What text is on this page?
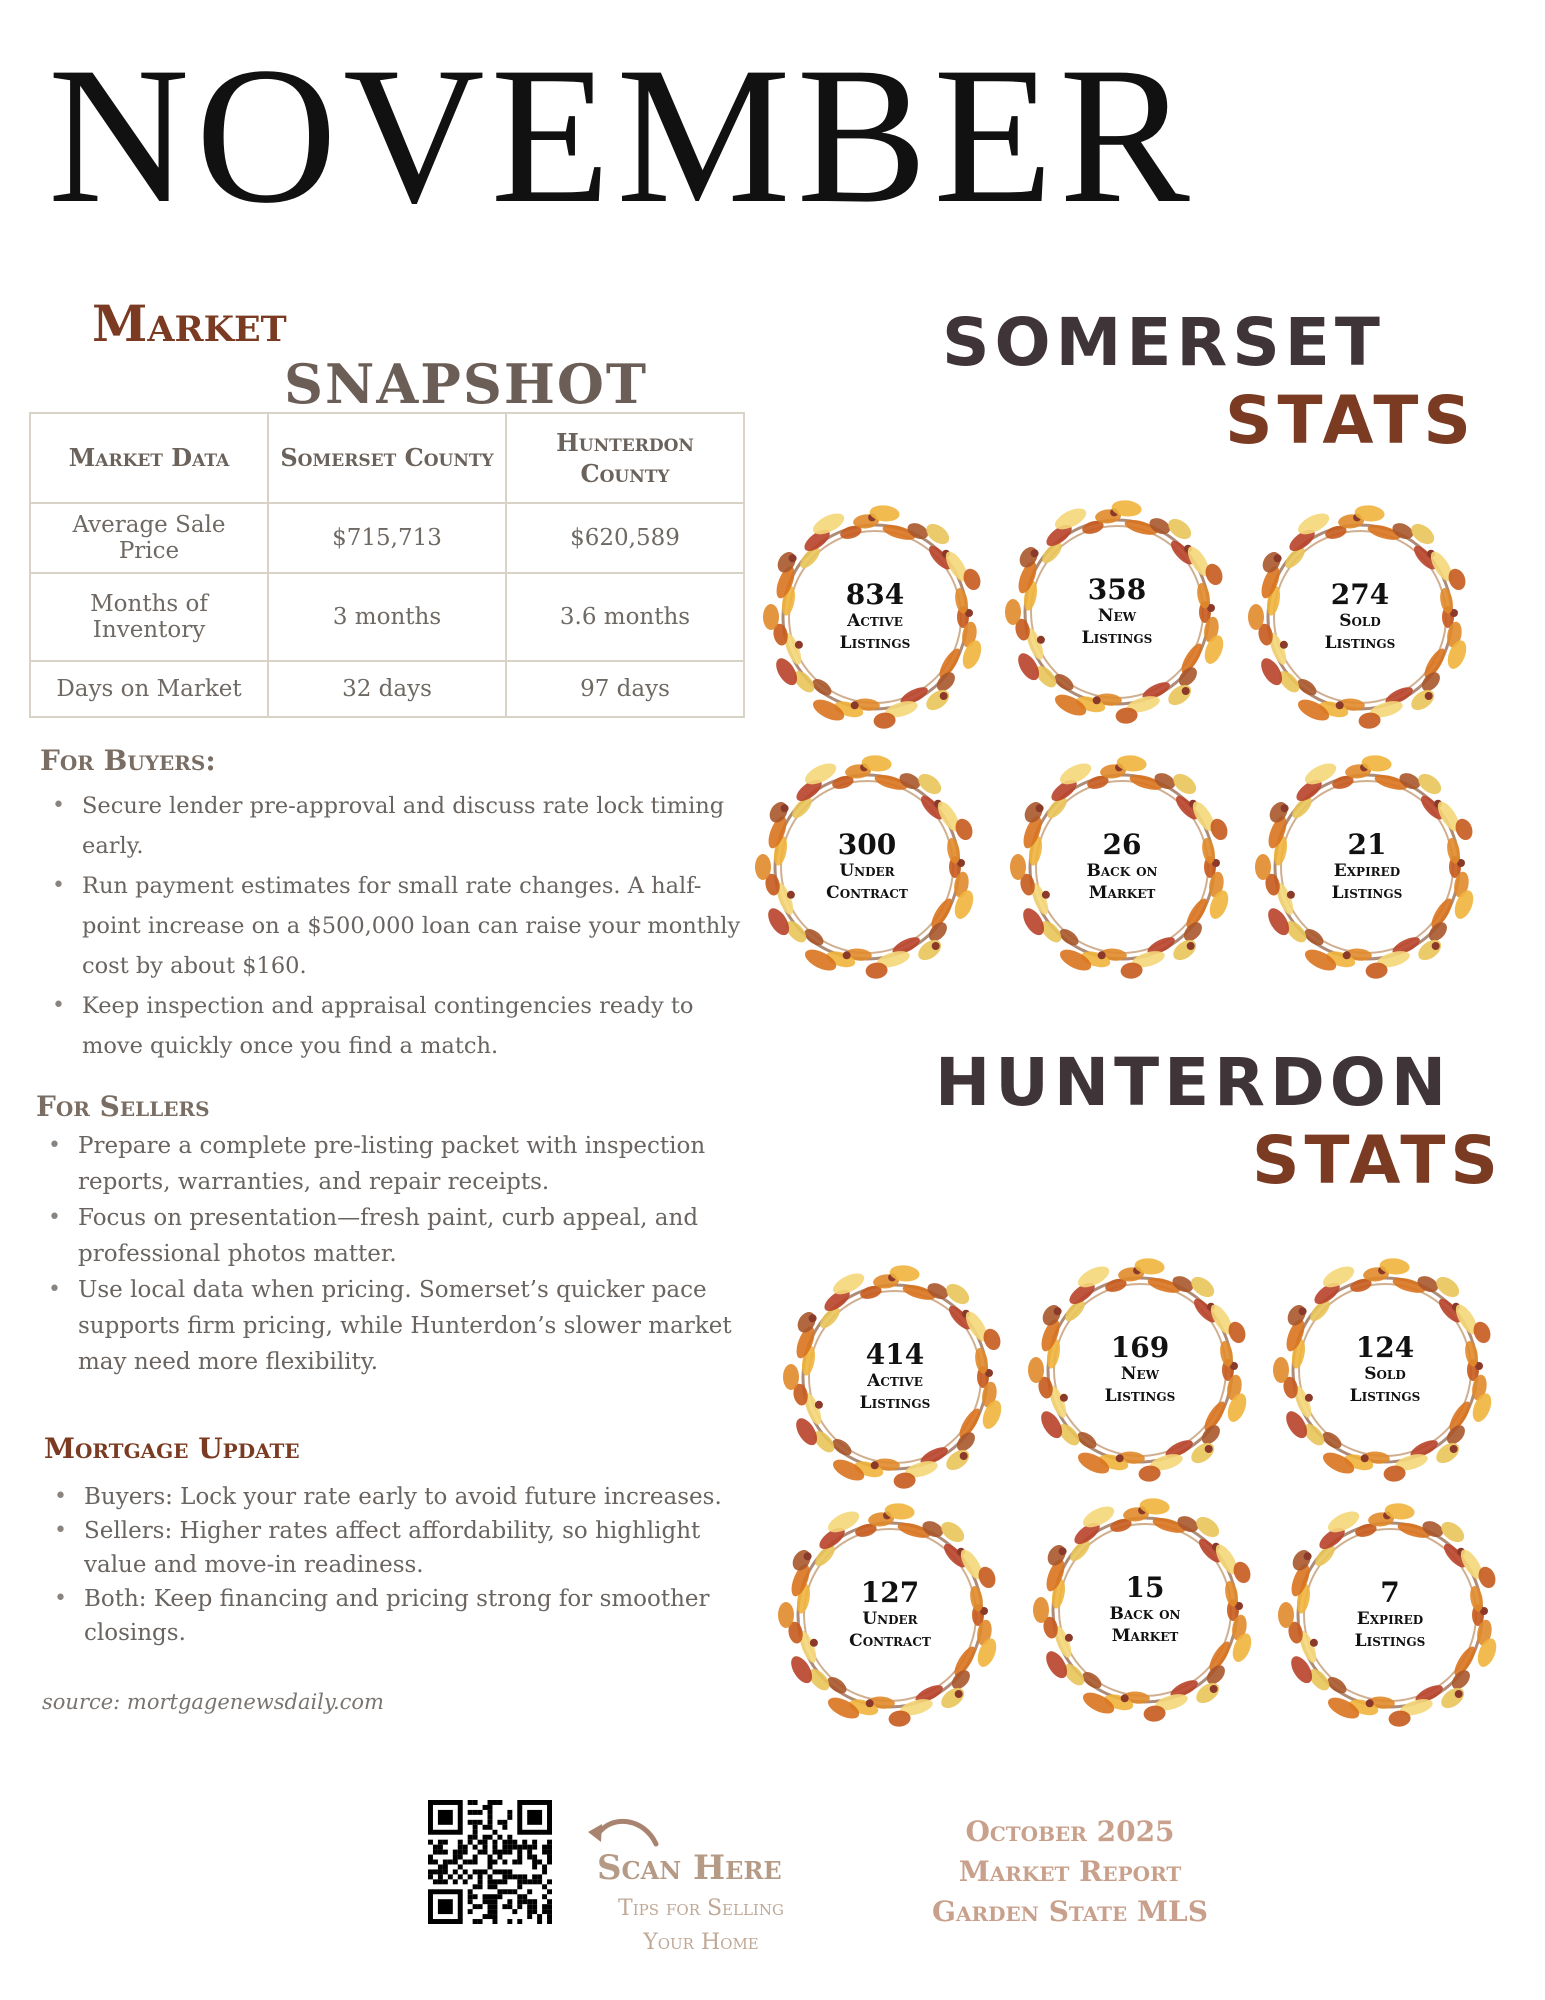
NOVEMBER
Market
SNAPSHOT
Market Data	Somerset County	Hunterdon County
Average Sale Price	$715,713	$620,589
Months of Inventory	3 months	3.6 months
Days on Market	32 days	97 days
For Buyers:
• Secure lender pre-approval and discuss rate lock timing early.
• Run payment estimates for small rate changes. A half-point increase on a $500,000 loan can raise your monthly cost by about $160.
• Keep inspection and appraisal contingencies ready to move quickly once you find a match.
For Sellers
• Prepare a complete pre-listing packet with inspection reports, warranties, and repair receipts.
• Focus on presentation—fresh paint, curb appeal, and professional photos matter.
• Use local data when pricing. Somerset’s quicker pace supports firm pricing, while Hunterdon’s slower market may need more flexibility.
Mortgage Update
• Buyers: Lock your rate early to avoid future increases.
• Sellers: Higher rates affect affordability, so highlight value and move-in readiness.
• Both: Keep financing and pricing strong for smoother closings.
source: mortgagenewsdaily.com
SOMERSET
STATS
834
Active
Listings
358
New
Listings
274
Sold
Listings
300
Under
Contract
26
Back on
Market
21
Expired
Listings
HUNTERDON
STATS
414
Active
Listings
169
New
Listings
124
Sold
Listings
127
Under
Contract
15
Back on
Market
7
Expired
Listings
Scan Here
Tips for Selling
Your Home
October 2025
Market Report
Garden State MLS
